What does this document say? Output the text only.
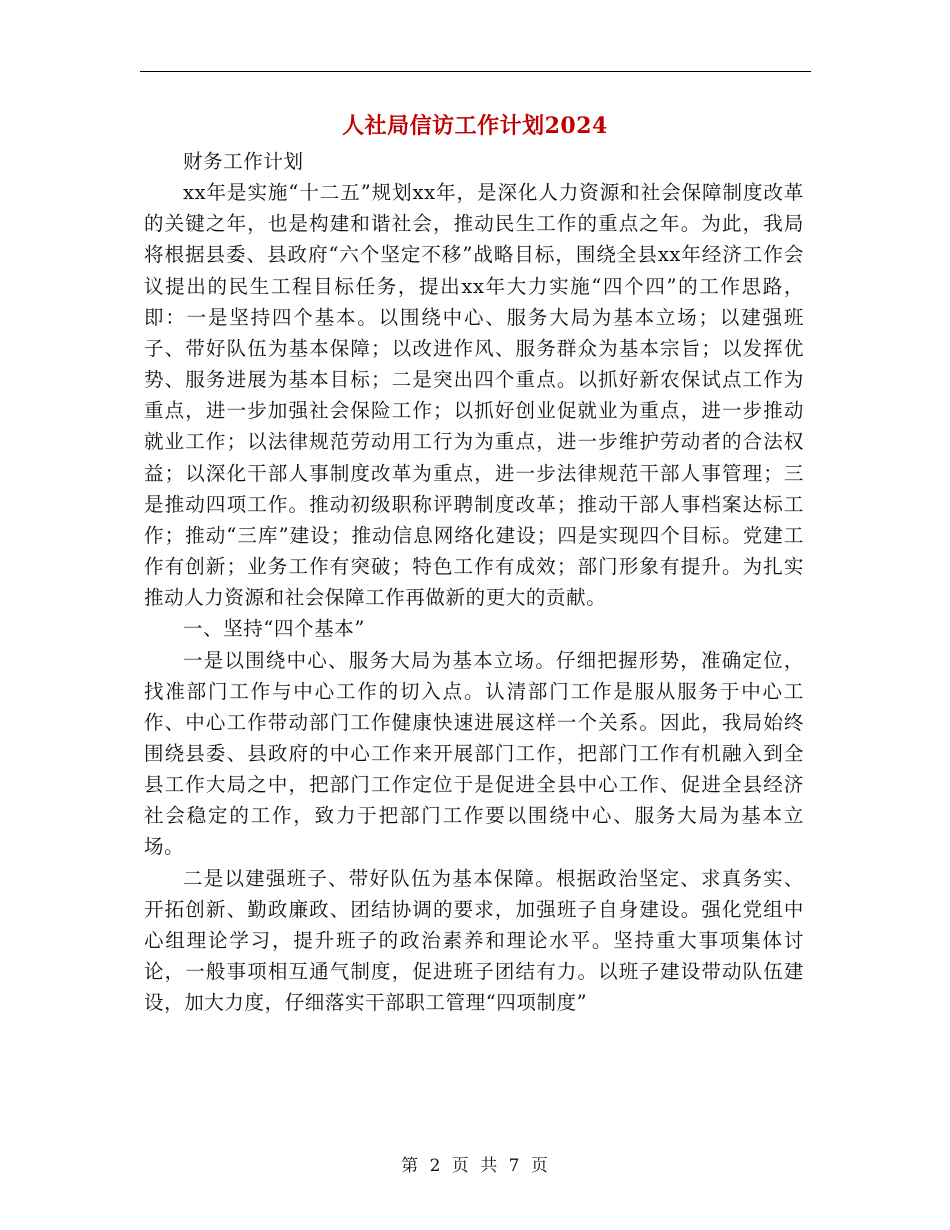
人社局信访工作计划2024

财务工作计划

xx年是实施“十二五”规划xx年，是深化人力资源和社会保障制度改革的关键之年，也是构建和谐社会，推动民生工作的重点之年。为此，我局将根据县委、县政府“六个坚定不移”战略目标，围绕全县xx年经济工作会议提出的民生工程目标任务，提出xx年大力实施“四个四”的工作思路，即：一是坚持四个基本。以围绕中心、服务大局为基本立场；以建强班子、带好队伍为基本保障；以改进作风、服务群众为基本宗旨；以发挥优势、服务进展为基本目标；二是突出四个重点。以抓好新农保试点工作为重点，进一步加强社会保险工作；以抓好创业促就业为重点，进一步推动就业工作；以法律规范劳动用工行为为重点，进一步维护劳动者的合法权益；以深化干部人事制度改革为重点，进一步法律规范干部人事管理；三是推动四项工作。推动初级职称评聘制度改革；推动干部人事档案达标工作；推动“三库”建设；推动信息网络化建设；四是实现四个目标。党建工作有创新；业务工作有突破；特色工作有成效；部门形象有提升。为扎实推动人力资源和社会保障工作再做新的更大的贡献。

一、坚持“四个基本”

一是以围绕中心、服务大局为基本立场。仔细把握形势，准确定位，找准部门工作与中心工作的切入点。认清部门工作是服从服务于中心工作、中心工作带动部门工作健康快速进展这样一个关系。因此，我局始终围绕县委、县政府的中心工作来开展部门工作，把部门工作有机融入到全县工作大局之中，把部门工作定位于是促进全县中心工作、促进全县经济社会稳定的工作，致力于把部门工作要以围绕中心、服务大局为基本立场。

二是以建强班子、带好队伍为基本保障。根据政治坚定、求真务实、开拓创新、勤政廉政、团结协调的要求，加强班子自身建设。强化党组中心组理论学习，提升班子的政治素养和理论水平。坚持重大事项集体讨论，一般事项相互通气制度，促进班子团结有力。以班子建设带动队伍建设，加大力度，仔细落实干部职工管理“四项制度”

第 2 页 共 7 页
